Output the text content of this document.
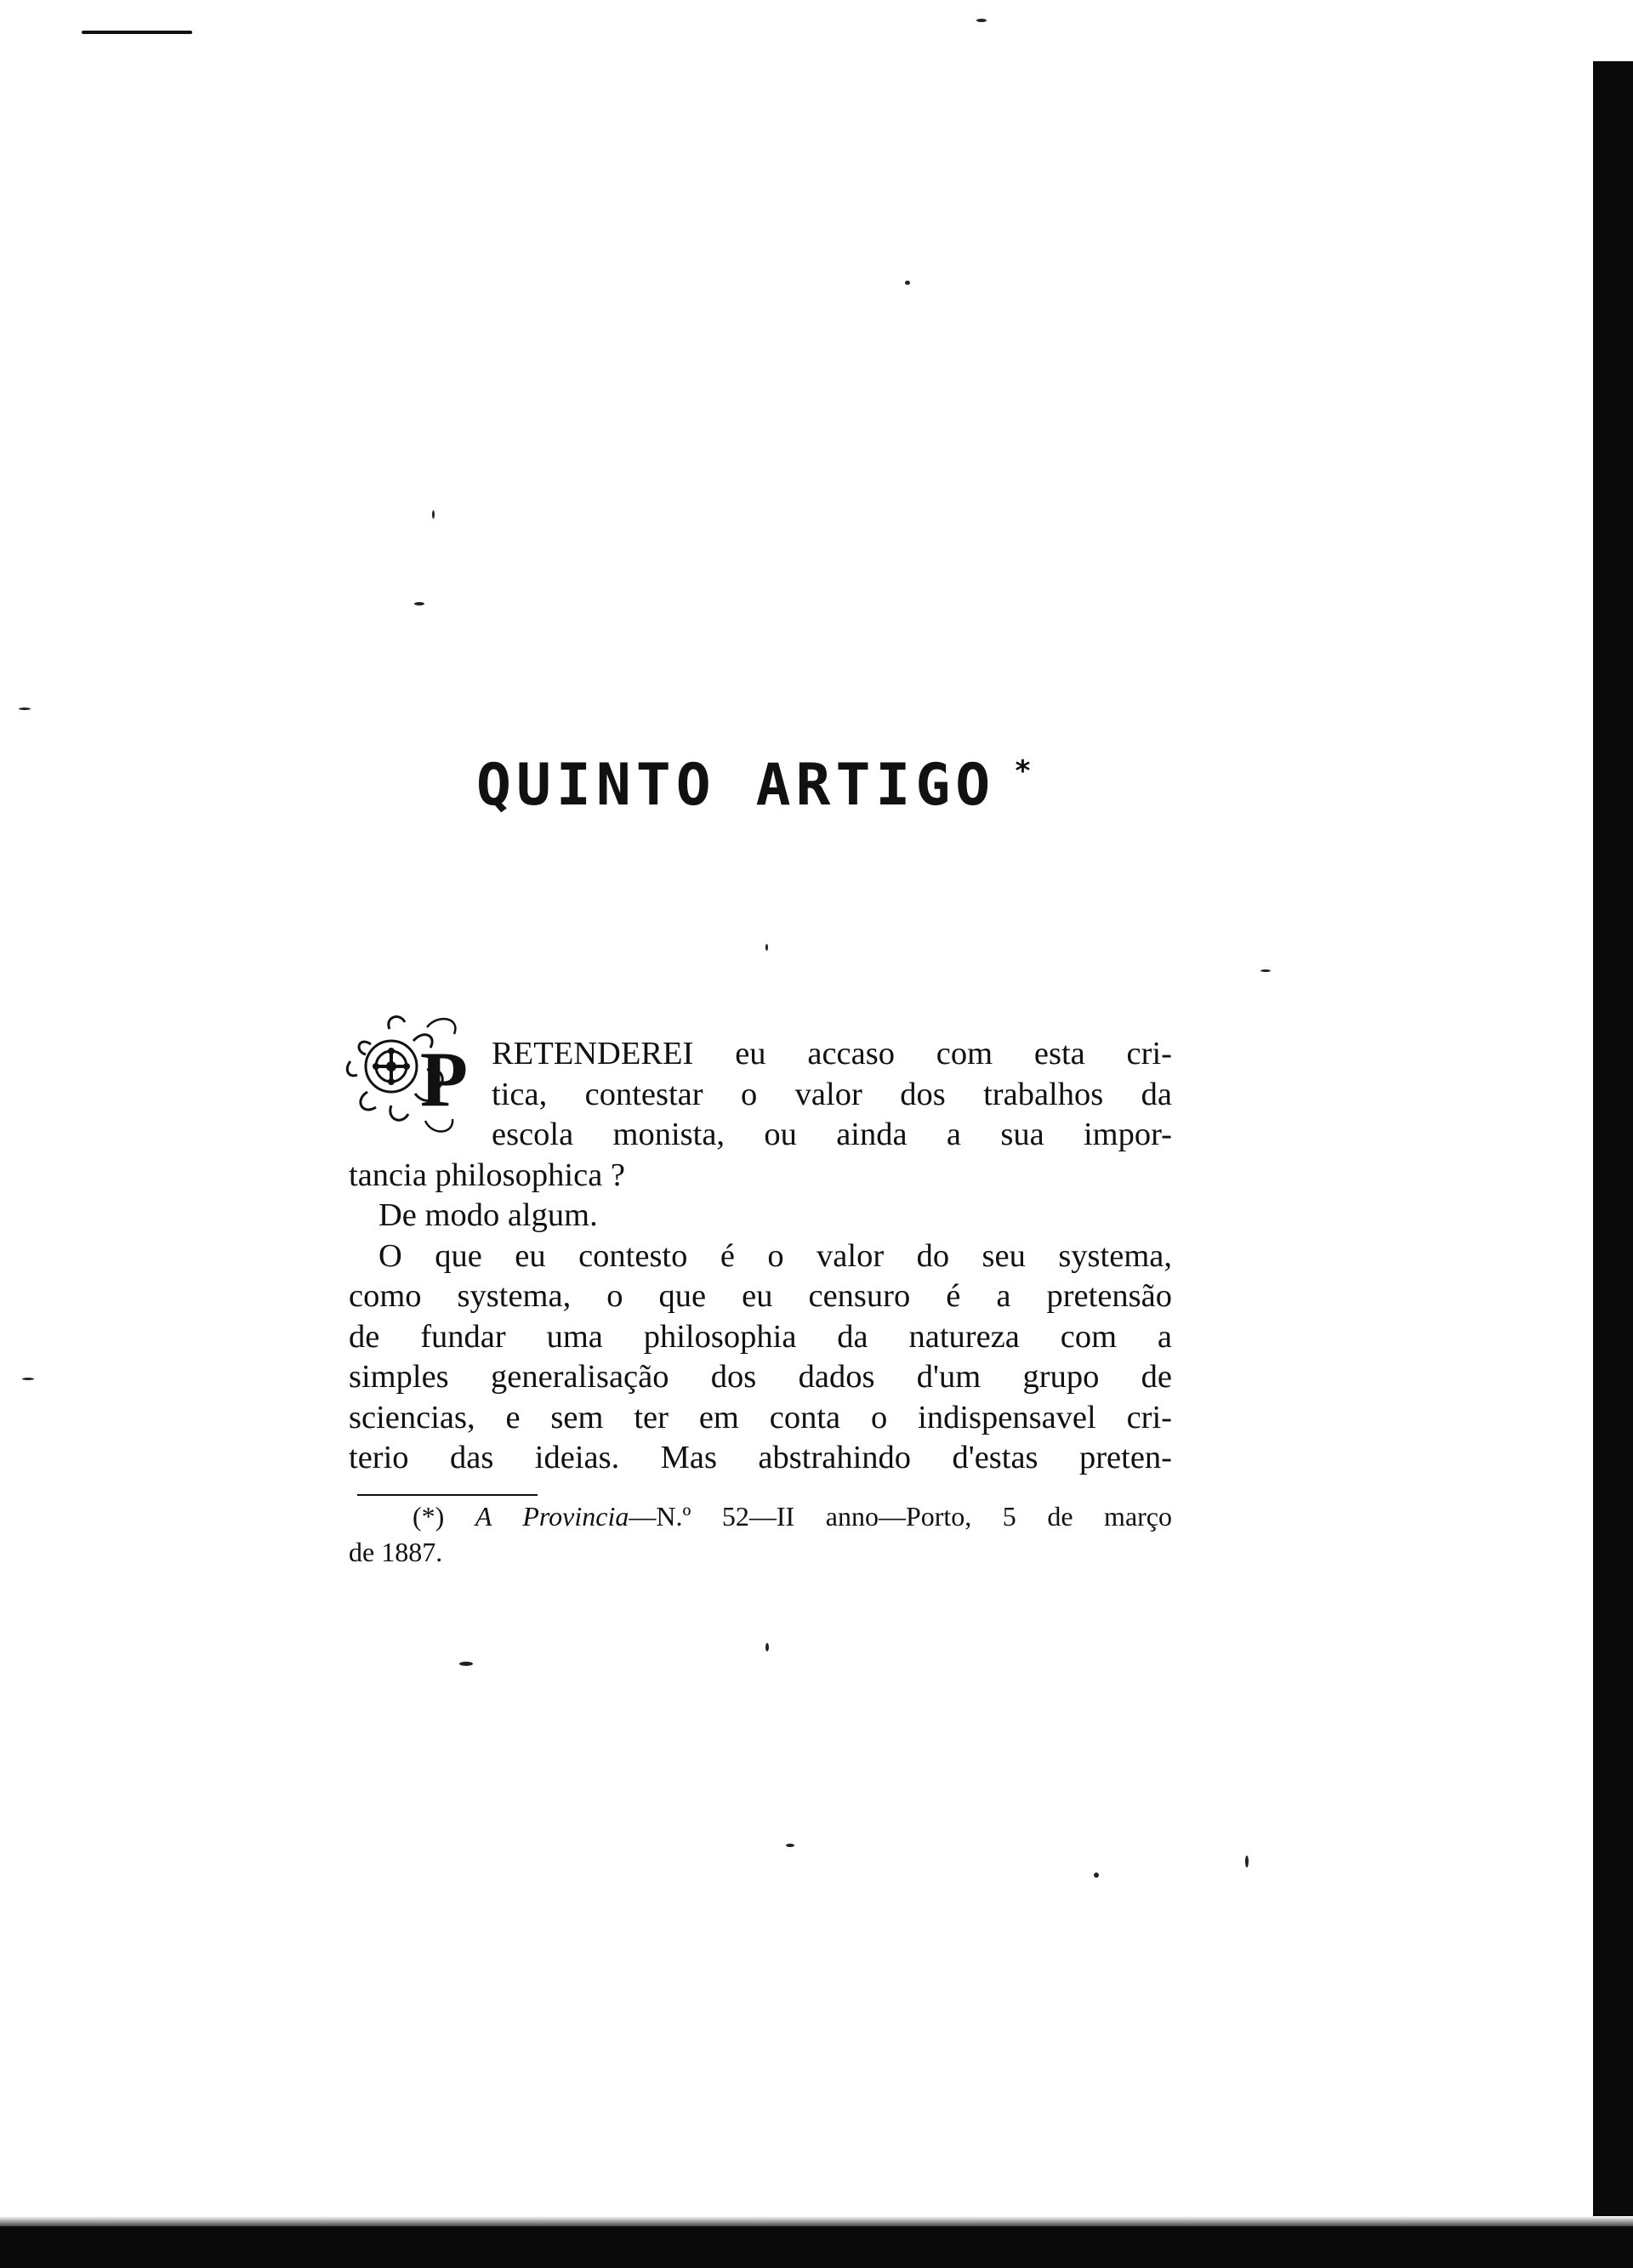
QUINTO ARTIGO *
P RETENDEREI eu accaso com esta cri-
tica, contestar o valor dos trabalhos da
escola monista, ou ainda a sua impor-
tancia philosophica ?
De modo algum.
O que eu contesto é o valor do seu systema,
como systema, o que eu censuro é a pretensão
de fundar uma philosophia da natureza com a
simples generalisação dos dados d'um grupo de
sciencias, e sem ter em conta o indispensavel cri-
terio das ideias. Mas abstrahindo d'estas preten-
(*) A Provincia—N.º 52—II anno—Porto, 5 de março
de 1887.
